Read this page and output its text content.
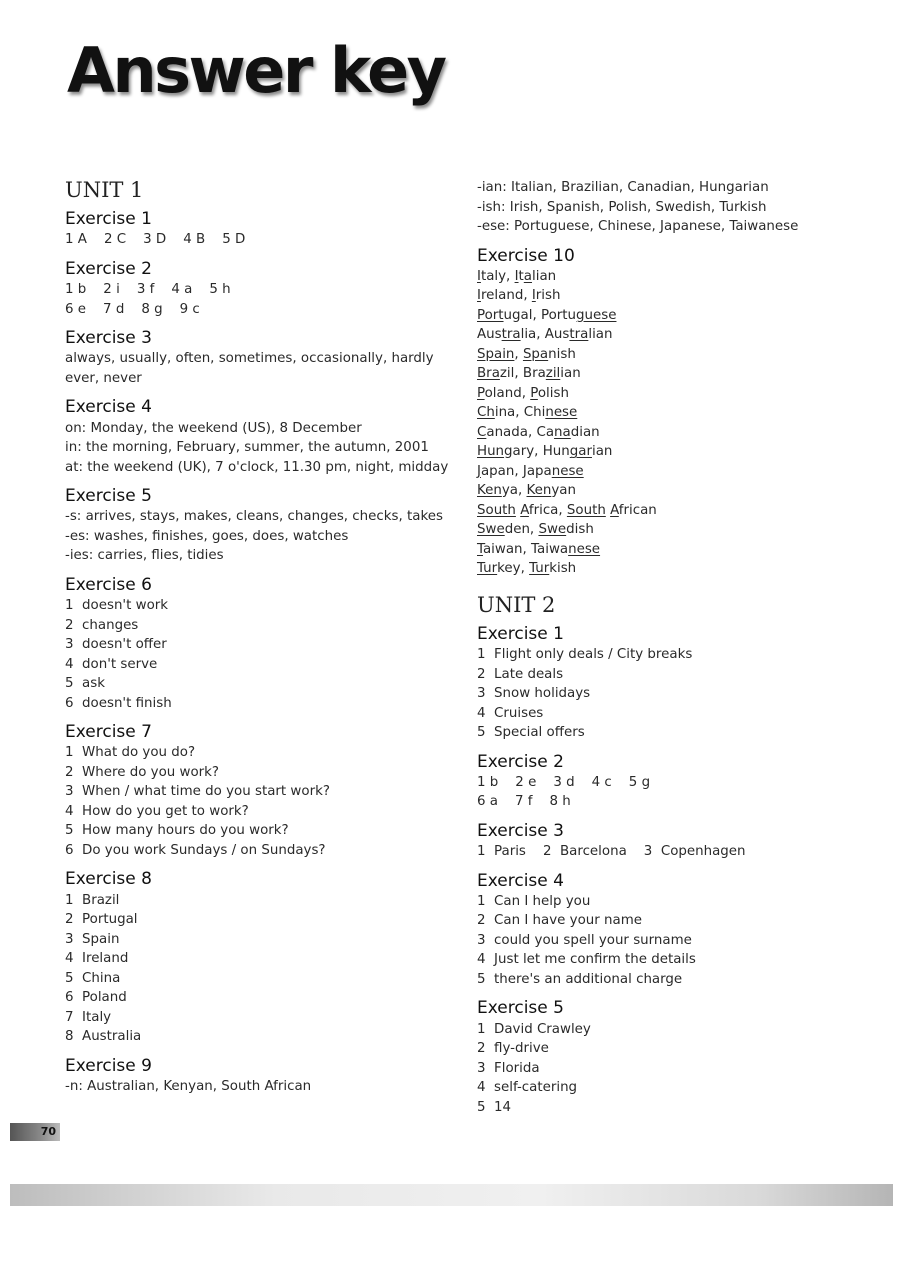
Answer key
UNIT 1
Exercise 1
1 A    2 C    3 D    4 B    5 D
Exercise 2
1 b    2 i    3 f    4 a    5 h
6 e    7 d    8 g    9 c
Exercise 3
always, usually, often, sometimes, occasionally, hardly
ever, never
Exercise 4
on: Monday, the weekend (US), 8 December
in: the morning, February, summer, the autumn, 2001
at: the weekend (UK), 7 o'clock, 11.30 pm, night, midday
Exercise 5
-s: arrives, stays, makes, cleans, changes, checks, takes
-es: washes, finishes, goes, does, watches
-ies: carries, flies, tidies
Exercise 6
1  doesn't work
2  changes
3  doesn't offer
4  don't serve
5  ask
6  doesn't finish
Exercise 7
1  What do you do?
2  Where do you work?
3  When / what time do you start work?
4  How do you get to work?
5  How many hours do you work?
6  Do you work Sundays / on Sundays?
Exercise 8
1  Brazil
2  Portugal
3  Spain
4  Ireland
5  China
6  Poland
7  Italy
8  Australia
Exercise 9
-n: Australian, Kenyan, South African
-ian: Italian, Brazilian, Canadian, Hungarian
-ish: Irish, Spanish, Polish, Swedish, Turkish
-ese: Portuguese, Chinese, Japanese, Taiwanese
Exercise 10
Italy, Italian
Ireland, Irish
Portugal, Portuguese
Australia, Australian
Spain, Spanish
Brazil, Brazilian
Poland, Polish
China, Chinese
Canada, Canadian
Hungary, Hungarian
Japan, Japanese
Kenya, Kenyan
South Africa, South African
Sweden, Swedish
Taiwan, Taiwanese
Turkey, Turkish
UNIT 2
Exercise 1
1  Flight only deals / City breaks
2  Late deals
3  Snow holidays
4  Cruises
5  Special offers
Exercise 2
1 b    2 e    3 d    4 c    5 g
6 a    7 f    8 h
Exercise 3
1  Paris    2  Barcelona    3  Copenhagen
Exercise 4
1  Can I help you
2  Can I have your name
3  could you spell your surname
4  Just let me confirm the details
5  there's an additional charge
Exercise 5
1  David Crawley
2  fly-drive
3  Florida
4  self-catering
5  14
70
